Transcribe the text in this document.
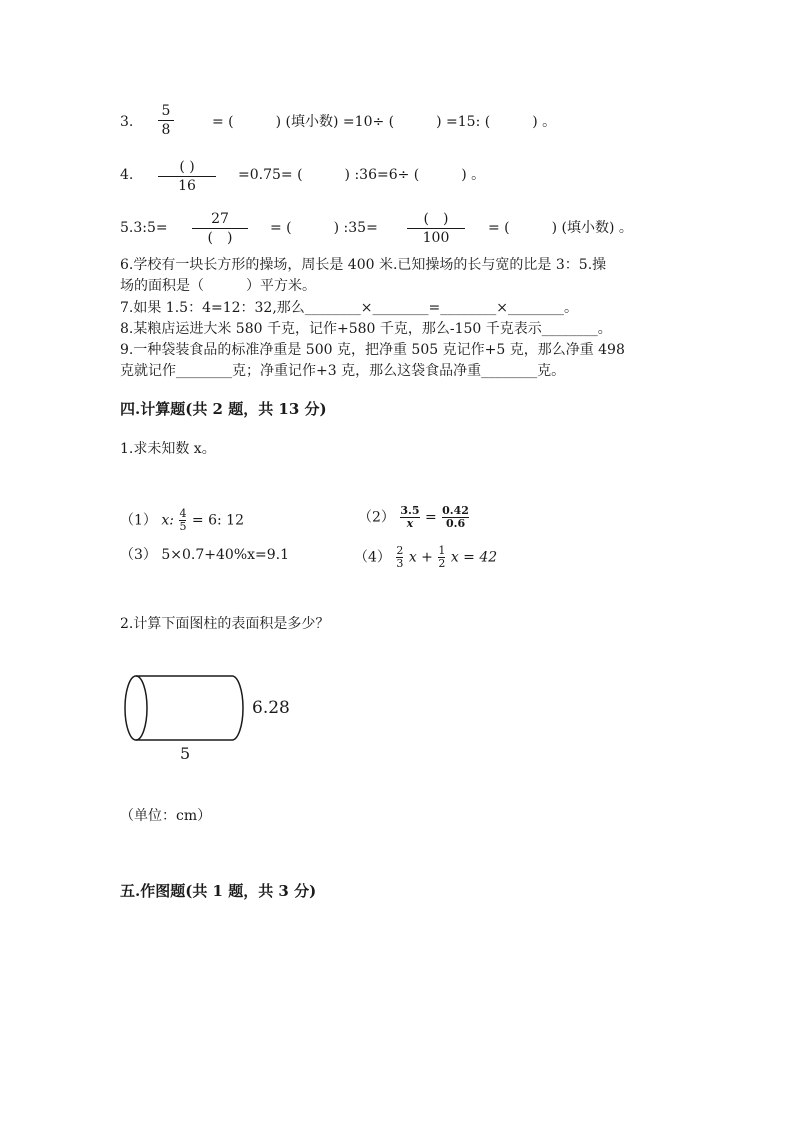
3.
5
8	= (　　　) (填小数) =10÷ (　　　) =15: (　　　) 。
( )
16
4.	=0.75= (　　　) :36=6÷ (　　　) 。
5.3:5=
27
(　)
= (　　　) :35=
(　)
100
= (　　　) (填小数) 。
6.学校有一块长方形的操场，周长是 400 米.已知操场的长与宽的比是 3：5.操
场的面积是（　　　）平方米。
7.如果 1.5：4=12：32,那么________×________=________×________。
8.某粮店运进大米 580 千克，记作+580 千克，那么-150 千克表示________。
9.一种袋装食品的标准净重是 500 克，把净重 505 克记作+5 克，那么净重 498
克就记作________克；净重记作+3 克，那么这袋食品净重________克。
四.计算题(共 2 题，共 13 分)
1.求未知数 x。
（1） x: $\frac{4}{5} = 6$: 12	$(2) \frac{3.5}{x} = \frac{0.42}{0.6}$
（3） 5×0.7+40%x=9.1	$(4) \frac{2}{3}$ $x + \frac{1}{2}$ x = 42
2.计算下面图柱的表面积是多少？
6.28
5
（单位：cm）
五.作图题(共 1 题，共 3 分)
